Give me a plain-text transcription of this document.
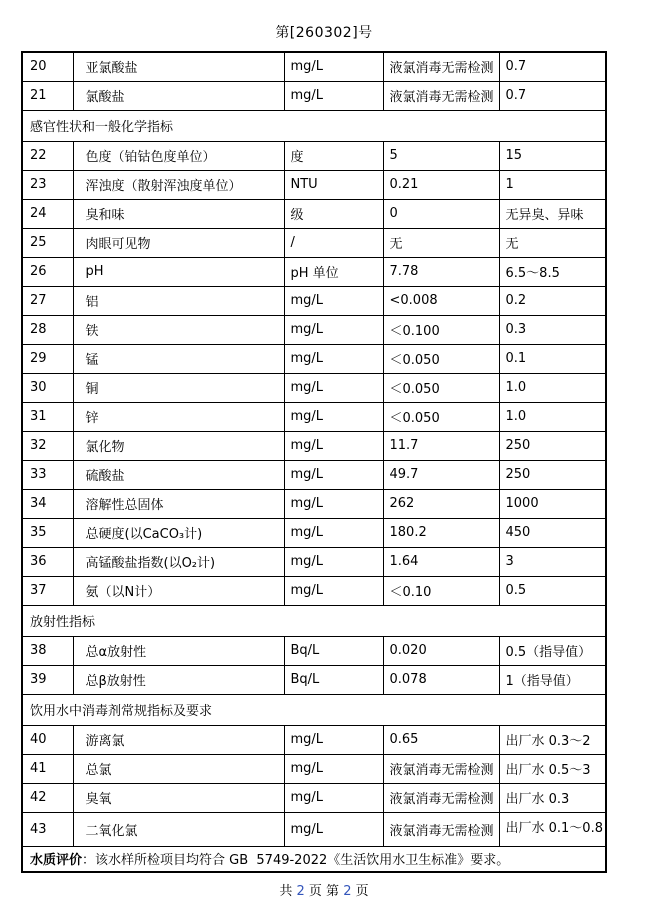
第[260302]号
20	亚氯酸盐	mg/L	液氯消毒无需检测	0.7
21	氯酸盐	mg/L	液氯消毒无需检测	0.7
感官性状和一般化学指标				
22	色度（铂钴色度单位）	度	5	15
23	浑浊度（散射浑浊度单位）	NTU	0.21	1
24	臭和味	级	0	无异臭、异味
25	肉眼可见物	/	无	无
26	pH	pH 单位	7.78	6.5～8.5
27	铝	mg/L	<0.008	0.2
28	铁	mg/L	＜0.100	0.3
29	锰	mg/L	＜0.050	0.1
30	铜	mg/L	＜0.050	1.0
31	锌	mg/L	＜0.050	1.0
32	氯化物	mg/L	11.7	250
33	硫酸盐	mg/L	49.7	250
34	溶解性总固体	mg/L	262	1000
35	总硬度(以CaCO₃计)	mg/L	180.2	450
36	高锰酸盐指数(以O₂计)	mg/L	1.64	3
37	氨（以N计）	mg/L	＜0.10	0.5
放射性指标				
38	总α放射性	Bq/L	0.020	0.5（指导值）
39	总β放射性	Bq/L	0.078	1（指导值）
饮用水中消毒剂常规指标及要求				
40	游离氯	mg/L	0.65	出厂水 0.3～2
41	总氯	mg/L	液氯消毒无需检测	出厂水 0.5～3
42	臭氧	mg/L	液氯消毒无需检测	出厂水 0.3
43	二氧化氯	mg/L	液氯消毒无需检测	出厂水 0.1～0.8
水质评价：该水样所检项目均符合 GB  5749-2022《生活饮用水卫生标准》要求。				
共 2 页 第 2 页
